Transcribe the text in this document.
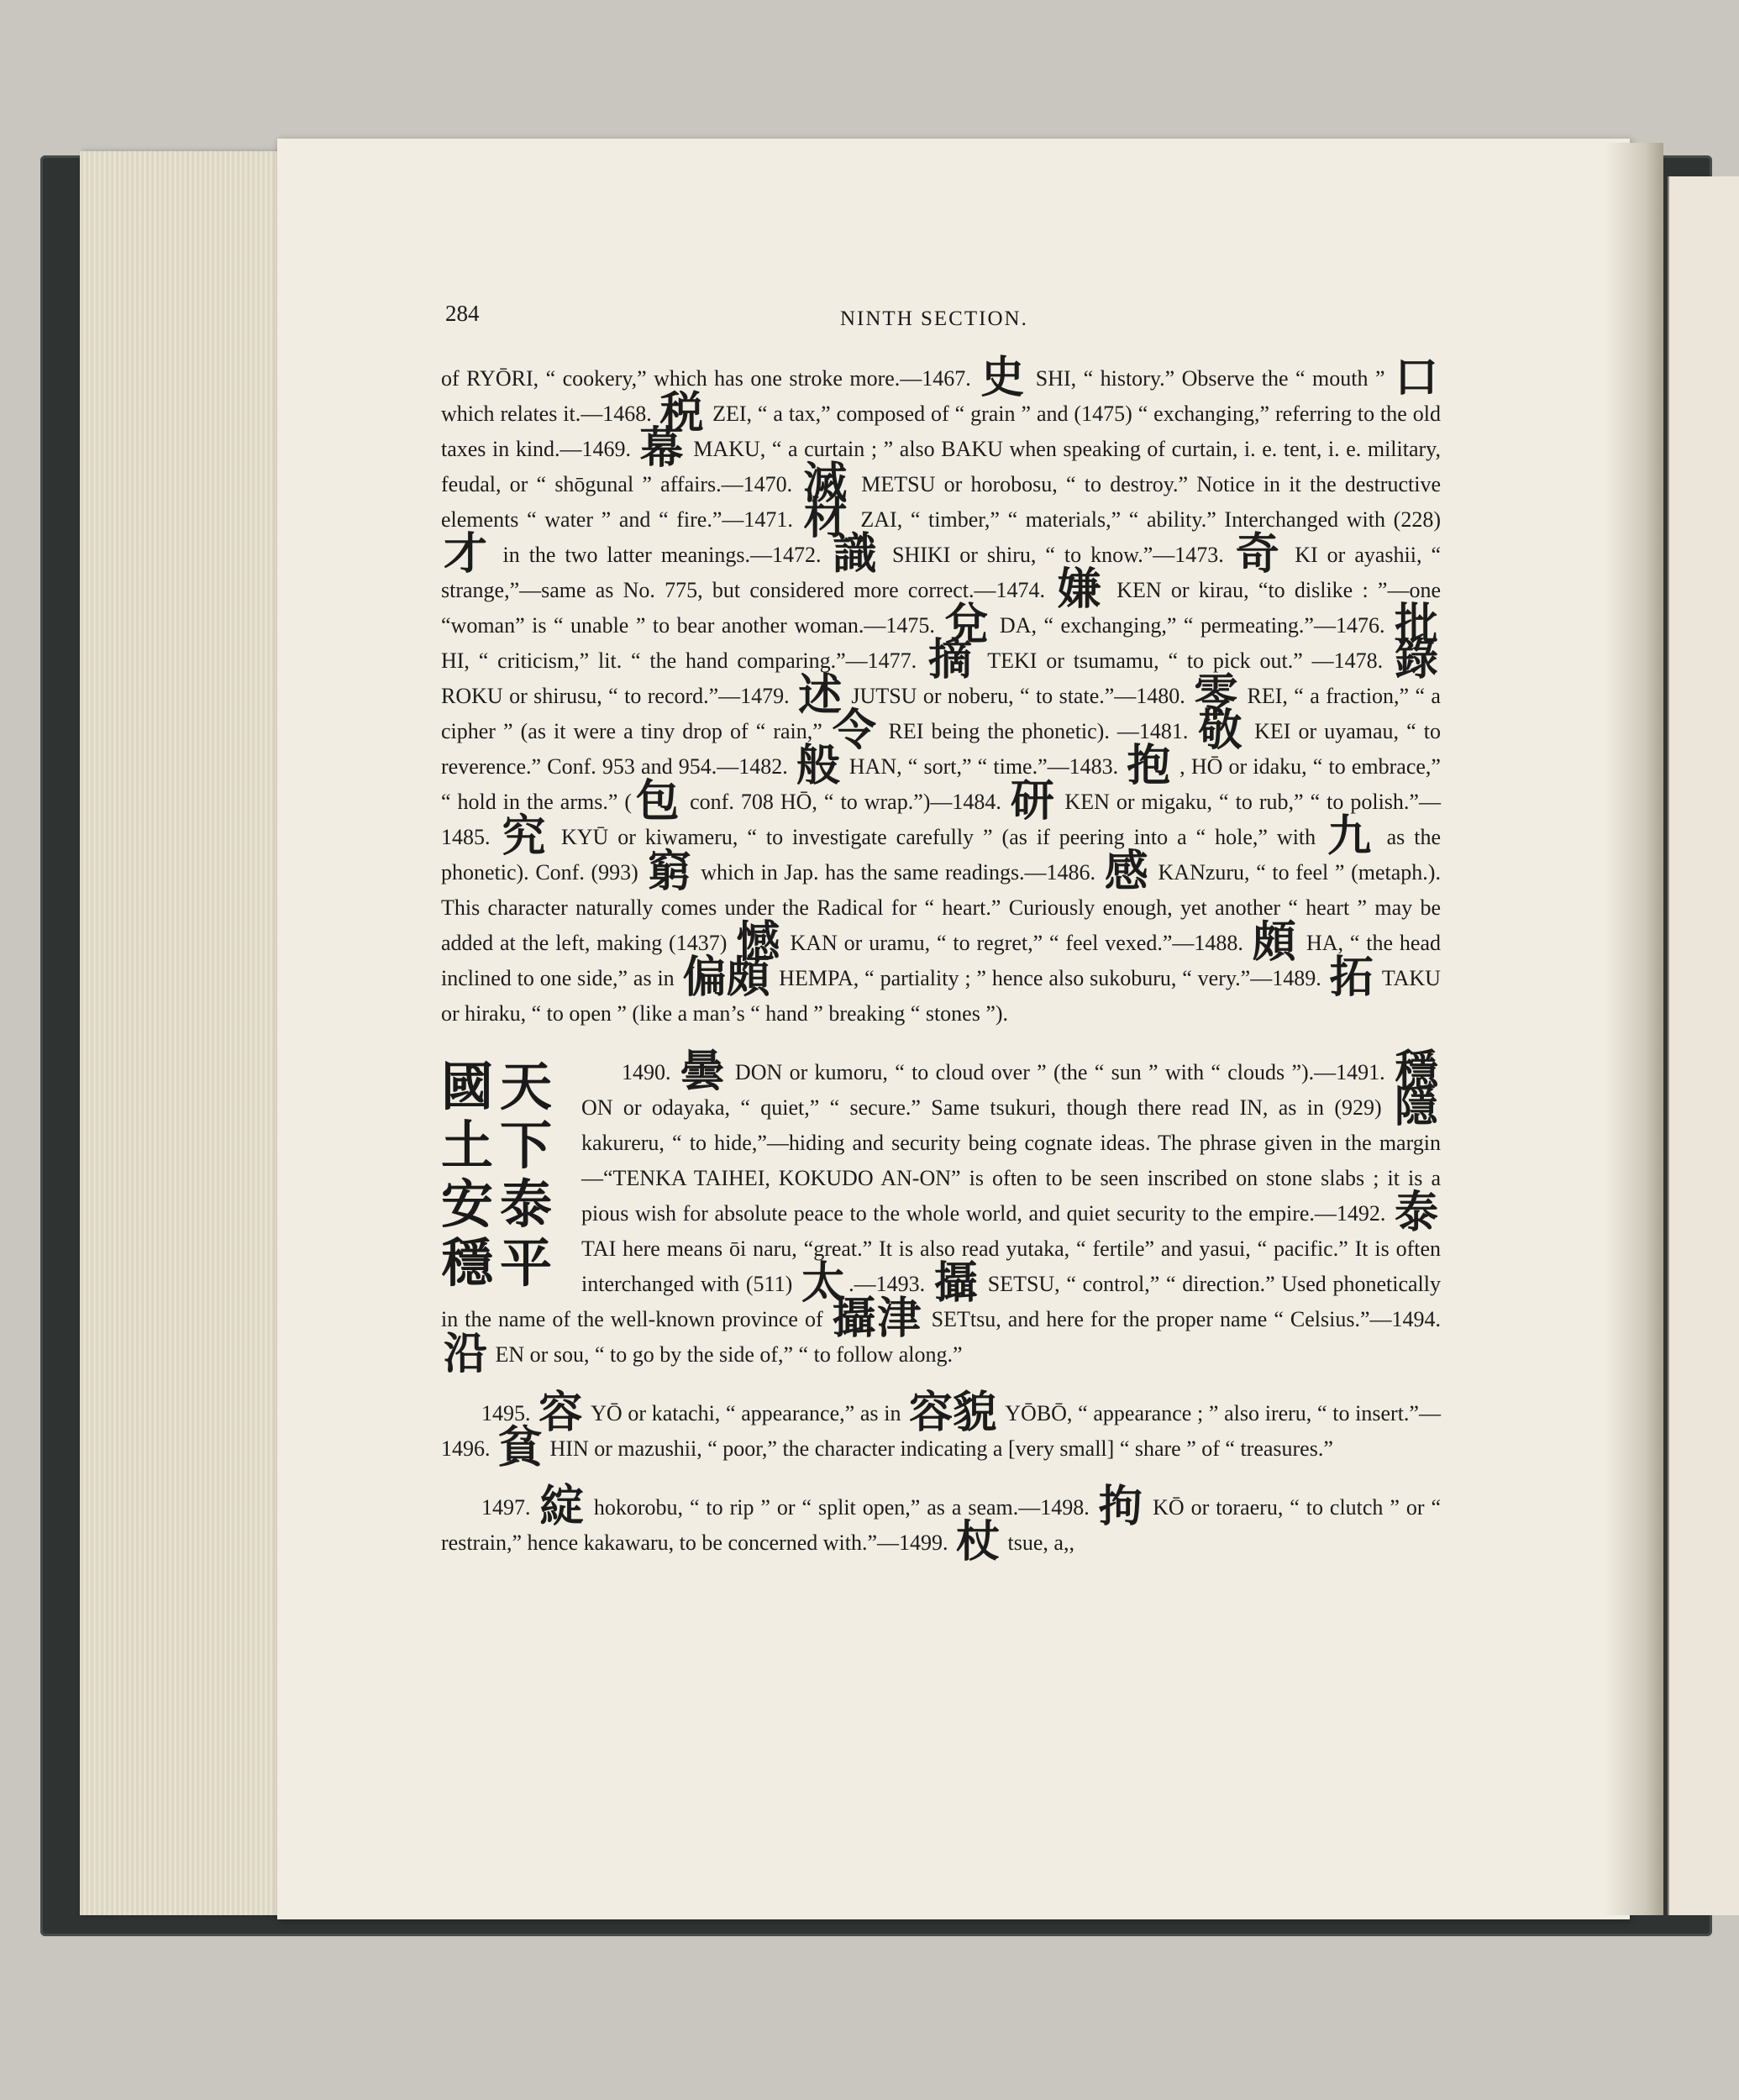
284	NINTH SECTION.

of RYŌRI, “ cookery,” which has one stroke more.—1467. 史 SHI, “ history.” Observe the “ mouth ” 口 which relates it.—1468. 税 ZEI, “ a tax,” composed of “ grain ” and (1475) “ exchanging,” referring to the old taxes in kind.—1469. 幕 MAKU, “ a curtain ; ” also BAKU when speaking of curtain, i. e. tent, i. e. military, feudal, or “ shōgunal ” affairs.—1470. 滅 METSU or horobosu, “ to destroy.” Notice in it the destructive elements “ water ” and “ fire.”—1471. 材 ZAI, “ timber,” “ materials,” “ ability.” Interchanged with (228) 才 in the two latter meanings.—1472. 識 SHIKI or shiru, “ to know.”—1473. 奇 KI or ayashii, “ strange,”—same as No. 775, but considered more correct.—1474. 嫌 KEN or kirau, “to dislike : ”—one “woman” is “ unable ” to bear another woman.—1475. 兌 DA, “ exchanging,” “ permeating.”—1476. 批 HI, “ criticism,” lit. “ the hand comparing.”—1477. 摘 TEKI or tsumamu, “ to pick out.” —1478. 錄 ROKU or shirusu, “ to record.”—1479. 述 JUTSU or noberu, “ to state.”—1480. 零 REI, “ a fraction,” “ a cipher ” (as it were a tiny drop of “ rain,” 令 REI being the phonetic). —1481. 敬 KEI or uyamau, “ to reverence.” Conf. 953 and 954.—1482. 般 HAN, “ sort,” “ time.”—1483. 抱 , HŌ or idaku, “ to embrace,” “ hold in the arms.” (包 conf. 708 HŌ, “ to wrap.”)—1484. 研 KEN or migaku, “ to rub,” “ to polish.”—1485. 究 KYŪ or kiwameru, “ to investigate carefully ” (as if peering into a “ hole,” with 九 as the phonetic). Conf. (993) 窮 which in Jap. has the same readings.—1486. 感 KANzuru, “ to feel ” (metaph.). This character naturally comes under the Radical for “ heart.” Curiously enough, yet another “ heart ” may be added at the left, making (1437) 憾 KAN or uramu, “ to regret,” “ feel vexed.”—1488. 頗 HA, “ the head inclined to one side,” as in 偏頗 HEMPA, “ partiality ; ” hence also sukoburu, “ very.”—1489. 拓 TAKU or hiraku, “ to open ” (like a man’s “ hand ” breaking “ stones ”).

國天
土下
安泰
穩平

1490. 曇 DON or kumoru, “ to cloud over ” (the “ sun ” with “ clouds ”).—1491. 穩 ON or odayaka, “ quiet,” “ secure.” Same tsukuri, though there read IN, as in (929) 隱 kakureru, “ to hide,”—hiding and security being cognate ideas. The phrase given in the margin—“TENKA TAIHEI, KOKUDO AN-ON” is often to be seen inscribed on stone slabs ; it is a pious wish for absolute peace to the whole world, and quiet security to the empire.—1492. 泰 TAI here means ōi naru, “great.” It is also read yutaka, “ fertile” and yasui, “ pacific.” It is often interchanged with (511) 太 .—1493. 攝 SETSU, “ control,” “ direction.” Used phonetically in the name of the well-known province of 攝津 SETtsu, and here for the proper name “ Celsius.”—1494. 沿 EN or sou, “ to go by the side of,” “ to follow along.”

1495. 容 YŌ or katachi, “ appearance,” as in 容貌 YŌBŌ, “ appearance ; ” also ireru, “ to insert.”—1496. 貧 HIN or mazushii, “ poor,” the character indicating a [very small] “ share ” of “ treasures.”

1497. 綻 hokorobu, “ to rip ” or “ split open,” as a seam.—1498. 拘 KŌ or toraeru, “ to clutch ” or “ restrain,” hence kakawaru, to be concerned with.”—1499. 杖 tsue, a,,
